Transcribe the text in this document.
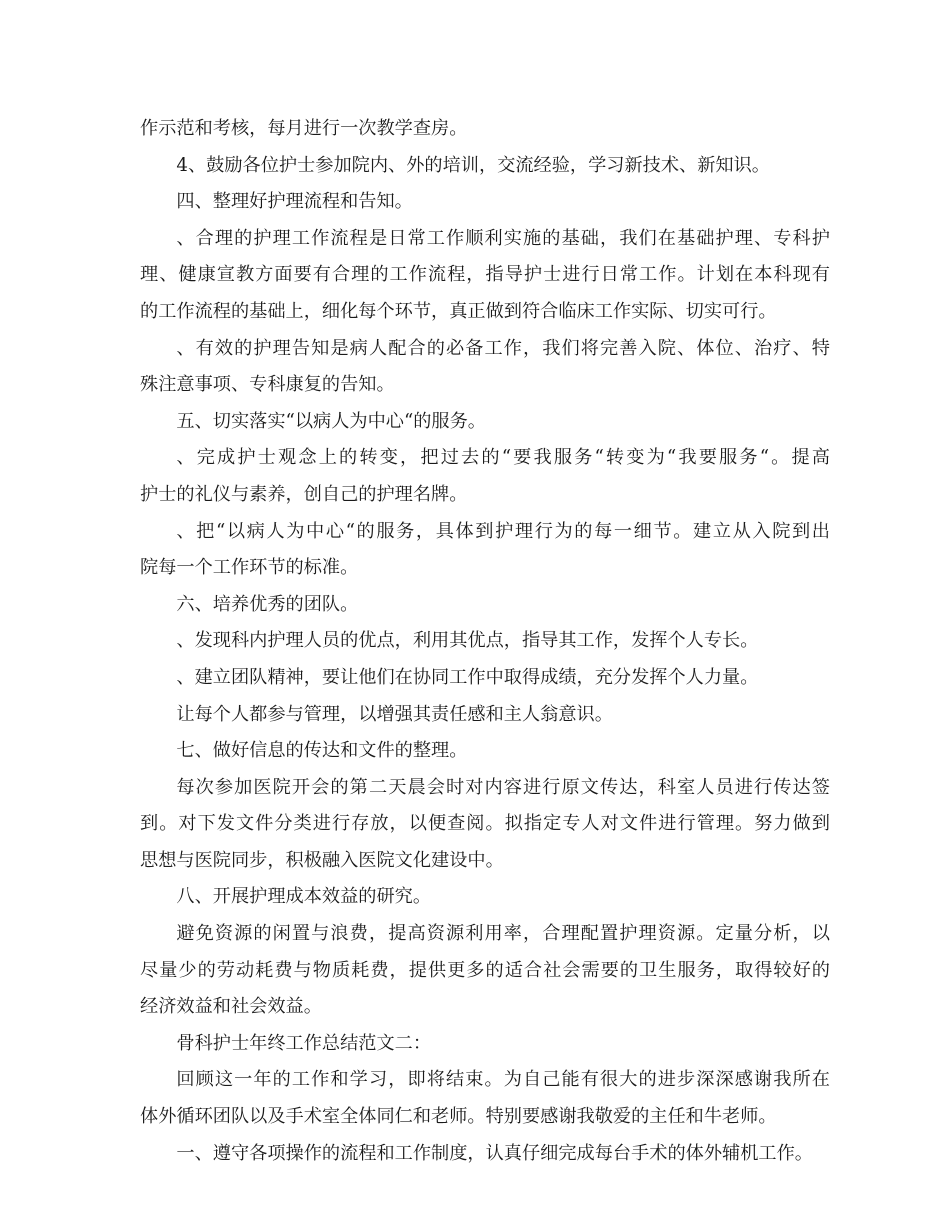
作示范和考核，每月进行一次教学查房。
4、鼓励各位护士参加院内、外的培训，交流经验，学习新技术、新知识。
四、整理好护理流程和告知。
、合理的护理工作流程是日常工作顺利实施的基础，我们在基础护理、专科护
理、健康宣教方面要有合理的工作流程，指导护士进行日常工作。计划在本科现有
的工作流程的基础上，细化每个环节，真正做到符合临床工作实际、切实可行。
、有效的护理告知是病人配合的必备工作，我们将完善入院、体位、治疗、特
殊注意事项、专科康复的告知。
五、切实落实“以病人为中心“的服务。
、完成护士观念上的转变，把过去的“要我服务“转变为“我要服务“。提高
护士的礼仪与素养，创自己的护理名牌。
、把“以病人为中心“的服务，具体到护理行为的每一细节。建立从入院到出
院每一个工作环节的标准。
六、培养优秀的团队。
、发现科内护理人员的优点，利用其优点，指导其工作，发挥个人专长。
、建立团队精神，要让他们在协同工作中取得成绩，充分发挥个人力量。
让每个人都参与管理，以增强其责任感和主人翁意识。
七、做好信息的传达和文件的整理。
每次参加医院开会的第二天晨会时对内容进行原文传达，科室人员进行传达签
到。对下发文件分类进行存放，以便查阅。拟指定专人对文件进行管理。努力做到
思想与医院同步，积极融入医院文化建设中。
八、开展护理成本效益的研究。
避免资源的闲置与浪费，提高资源利用率，合理配置护理资源。定量分析，以
尽量少的劳动耗费与物质耗费，提供更多的适合社会需要的卫生服务，取得较好的
经济效益和社会效益。
骨科护士年终工作总结范文二：
回顾这一年的工作和学习，即将结束。为自己能有很大的进步深深感谢我所在
体外循环团队以及手术室全体同仁和老师。特别要感谢我敬爱的主任和牛老师。
一、遵守各项操作的流程和工作制度，认真仔细完成每台手术的体外辅机工作。
